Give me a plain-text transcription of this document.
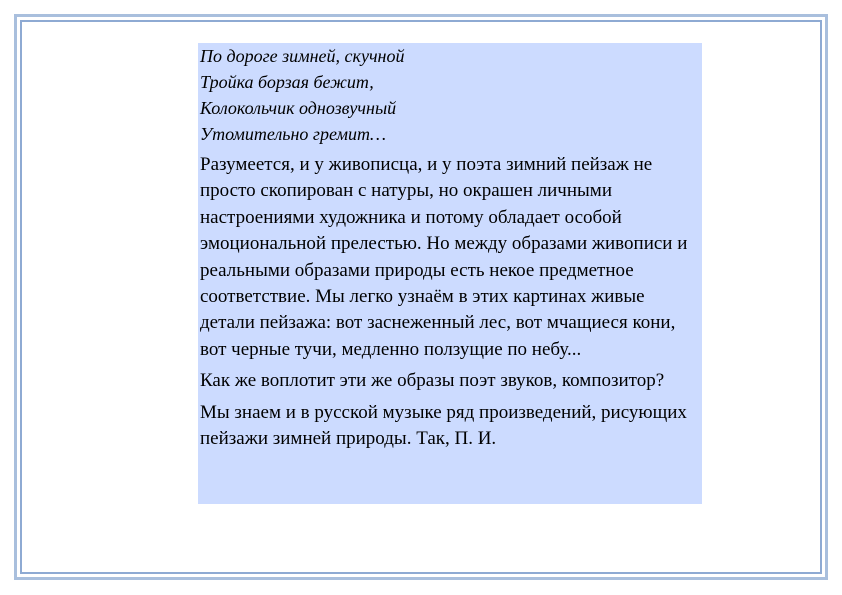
По дороге зимней, скучной
Тройка борзая бежит,
Колокольчик однозвучный
Утомительно гремит…

Разумеется, и у живописца, и у поэта зимний пейзаж не просто скопирован с натуры, но окрашен личными настроениями художника и потому обладает особой эмоциональной прелестью. Но между образами живописи и реальными образами природы есть некое предметное соответствие. Мы легко узнаём в этих картинах живые детали пейзажа: вот заснеженный лес, вот мчащиеся кони, вот черные тучи, медленно ползущие по небу...

Как же воплотит эти же образы поэт звуков, композитор?

Мы знаем и в русской музыке ряд произведений, рисующих пейзажи зимней природы. Так, П. И.
